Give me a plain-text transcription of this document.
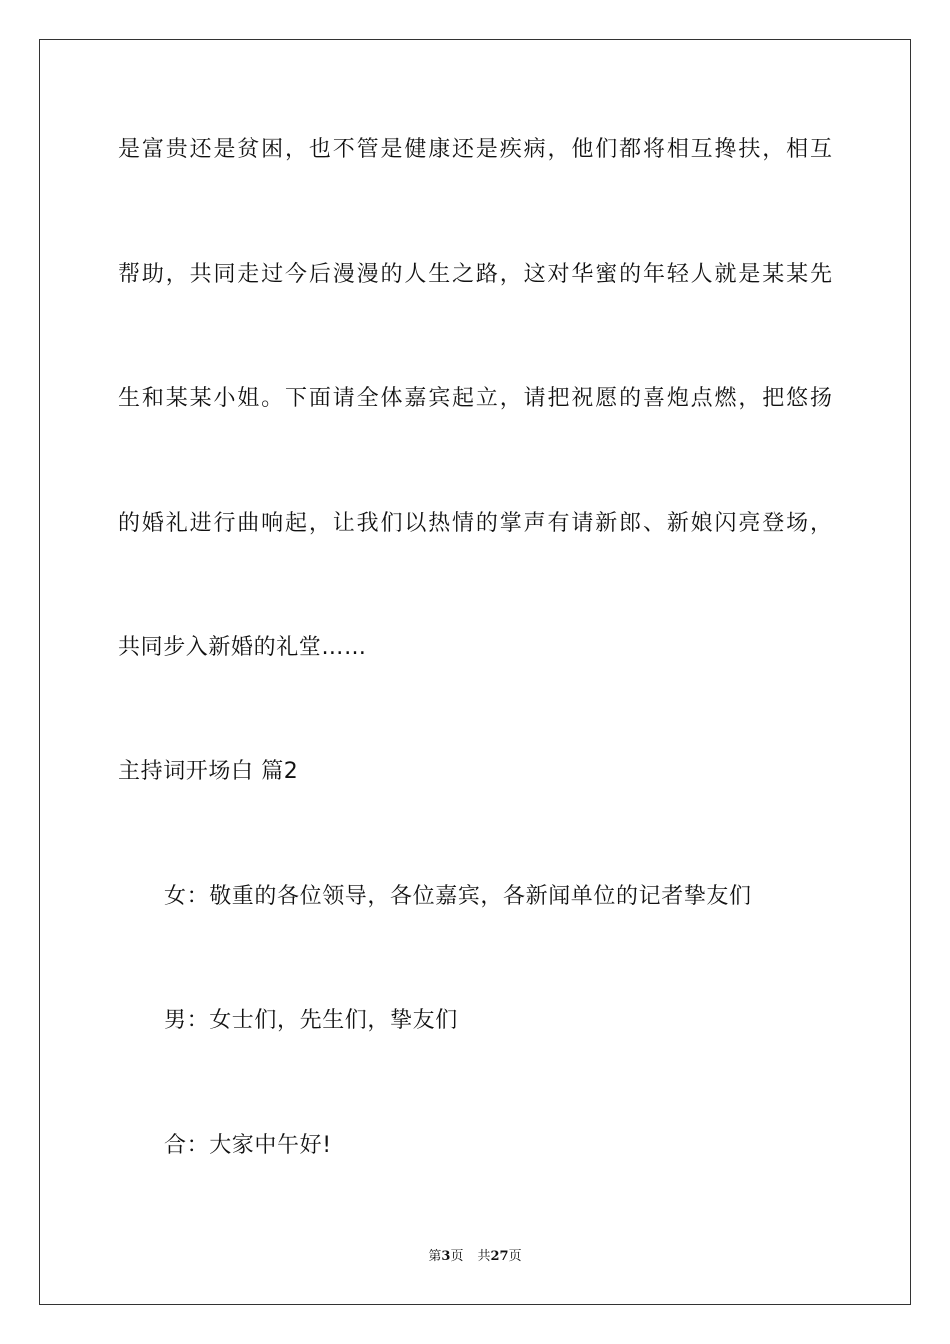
是富贵还是贫困，也不管是健康还是疾病，他们都将相互搀扶，相互
帮助，共同走过今后漫漫的人生之路，这对华蜜的年轻人就是某某先
生和某某小姐。下面请全体嘉宾起立，请把祝愿的喜炮点燃，把悠扬
的婚礼进行曲响起，让我们以热情的掌声有请新郎、新娘闪亮登场，
共同步入新婚的礼堂……
主持词开场白 篇2
女：敬重的各位领导，各位嘉宾，各新闻单位的记者挚友们
男：女士们，先生们，挚友们
合：大家中午好!
第3页 共27页
